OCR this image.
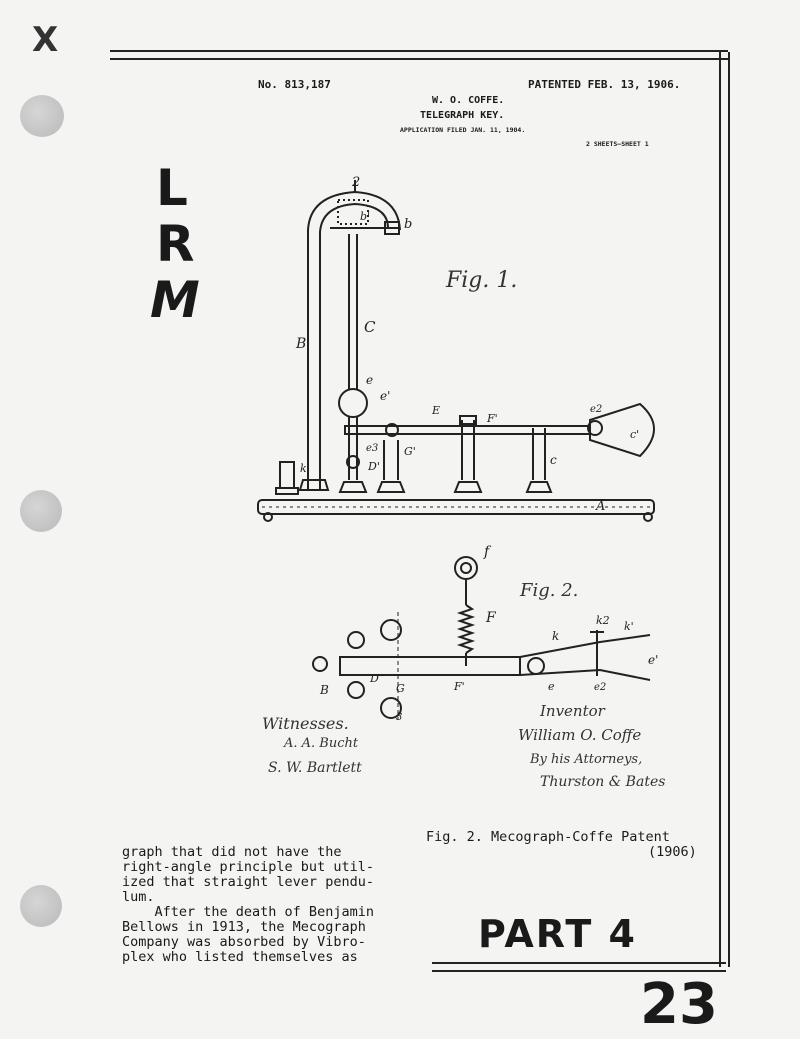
X
No. 813,187	PATENTED FEB. 13, 1906.
W. O. COFFE.
TELEGRAPH KEY.
APPLICATION FILED JAN. 11, 1904.
2 SHEETS—SHEET 1
L
R
M
2
b'
b
B
C
e
e'
E
F'
e2
c'
e3
D'
G'
k
c
A
f
F	k2 k'
k
e'
e2
e
F'
D
G
B
3
Fig. 1.
Fig. 2.
Witnesses.
A. A. Bucht
S. W. Bartlett
Inventor
William O. Coffe
By his Attorneys,
Thurston & Bates
Fig. 2. Mecograph-Coffe Patent
(1906)
graph that did not have the
right-angle principle but util-
ized that straight lever pendu-
lum.
After the death of Benjamin
Bellows in 1913, the Mecograph
Company was absorbed by Vibro-
plex who listed themselves as
PART 4
23
